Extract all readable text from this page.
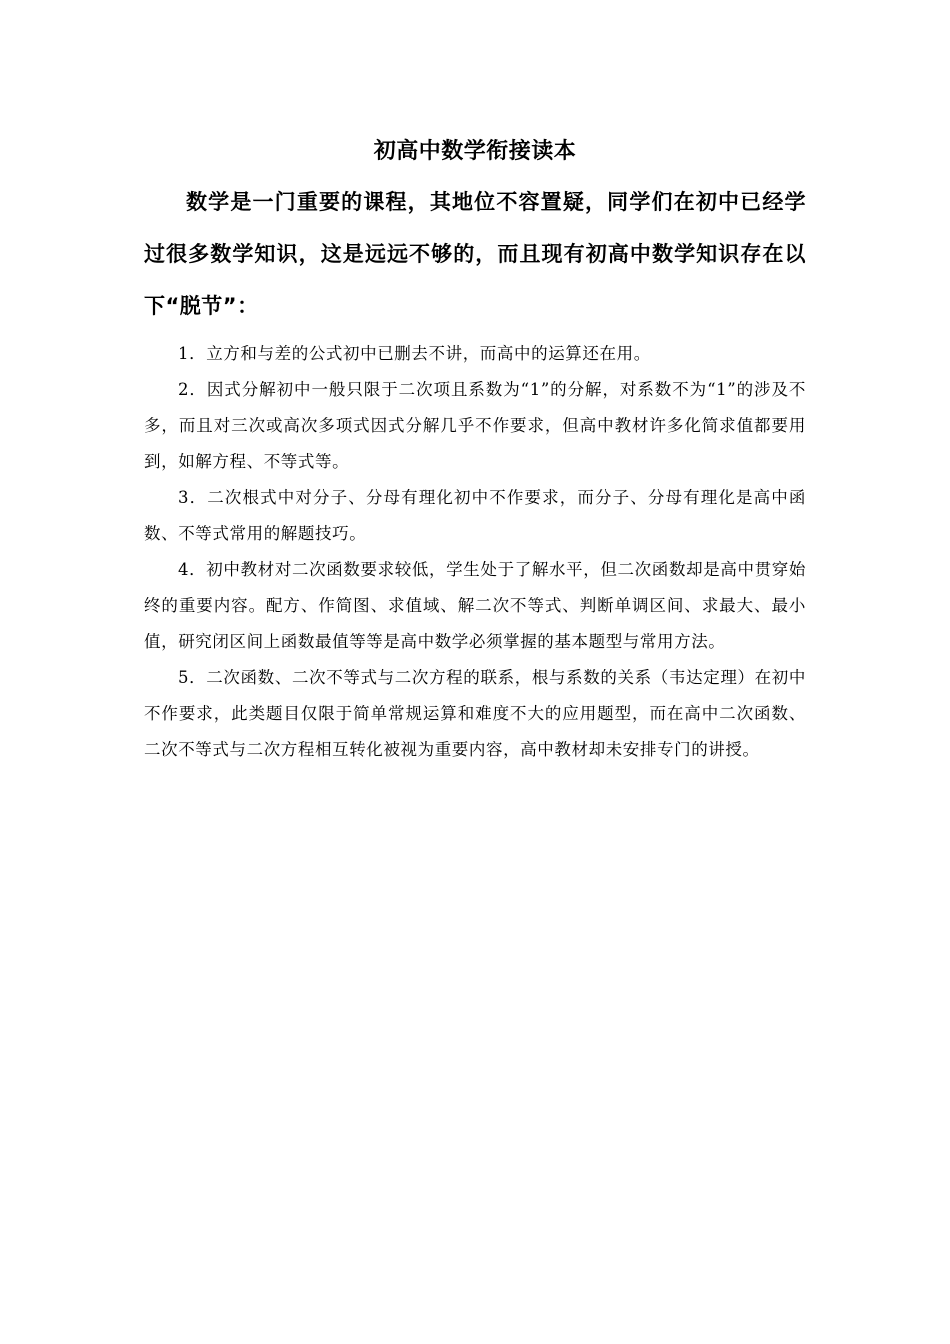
初高中数学衔接读本

数学是一门重要的课程，其地位不容置疑，同学们在初中已经学过很多数学知识，这是远远不够的，而且现有初高中数学知识存在以下“脱节”：

1．立方和与差的公式初中已删去不讲，而高中的运算还在用。

2．因式分解初中一般只限于二次项且系数为“1”的分解，对系数不为“1”的涉及不多，而且对三次或高次多项式因式分解几乎不作要求，但高中教材许多化简求值都要用到，如解方程、不等式等。

3．二次根式中对分子、分母有理化初中不作要求，而分子、分母有理化是高中函数、不等式常用的解题技巧。

4．初中教材对二次函数要求较低，学生处于了解水平，但二次函数却是高中贯穿始终的重要内容。配方、作简图、求值域、解二次不等式、判断单调区间、求最大、最小值，研究闭区间上函数最值等等是高中数学必须掌握的基本题型与常用方法。

5．二次函数、二次不等式与二次方程的联系，根与系数的关系（韦达定理）在初中不作要求，此类题目仅限于简单常规运算和难度不大的应用题型，而在高中二次函数、二次不等式与二次方程相互转化被视为重要内容，高中教材却未安排专门的讲授。
